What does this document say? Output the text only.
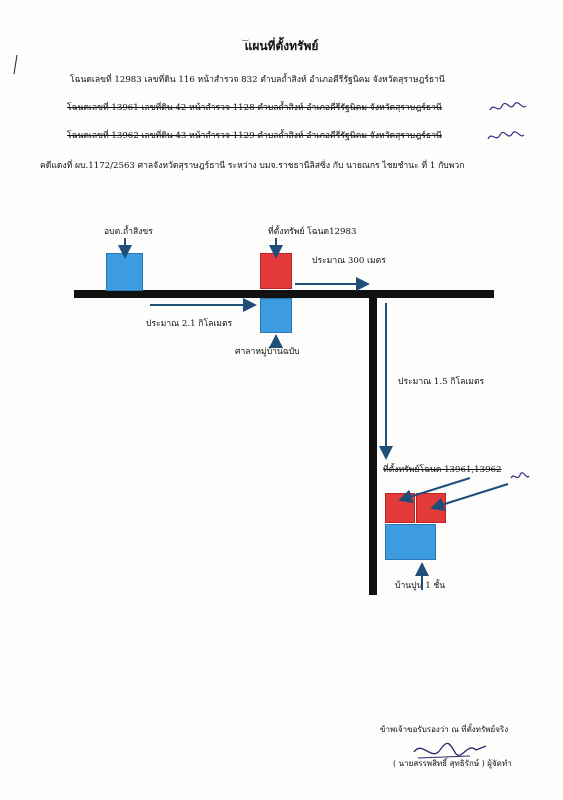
แผนที่ตั้งทรัพย์
‿
โฉนดเลขที่ 12983 เลขที่ดิน 116 หน้าสำรวจ 832 ตำบลถ้ำสิงห์ อำเภอคีรีรัฐนิคม จังหวัดสุราษฎร์ธานี
โฉนดเลขที่ 13961 เลขที่ดิน 42 หน้าสำรวจ 1128 ตำบลถ้ำสิงห์ อำเภอคีรีรัฐนิคม จังหวัดสุราษฎร์ธานี
โฉนดเลขที่ 13962 เลขที่ดิน 43 หน้าสำรวจ 1129 ตำบลถ้ำสิงห์ อำเภอคีรีรัฐนิคม จังหวัดสุราษฎร์ธานี
คดีแดงที่ ผบ.1172/2563 ศาลจังหวัดสุราษฎร์ธานี ระหว่าง บมจ.ราชธานีลิสซิ่ง กับ นายณกร ไชยชำนะ ที่ 1 กับพวก
อบต.ถ้ำสิงขร	ที่ตั้งทรัพย์ โฉนด12983
ประมาณ 300 เมตร
ประมาณ 2.1 กิโลเมตร
ศาลาหมู่บ้านฉบับ
ประมาณ 1.5 กิโลเมตร
ที่ตั้งทรัพย์โฉนด 13961,13962
บ้านปูน 1 ชั้น
ข้าพเจ้าขอรับรองว่า ณ ที่ตั้งทรัพย์จริง
( นายสรรพสิทธิ์ สุทธิรักษ์ ) ผู้จัดทำ
